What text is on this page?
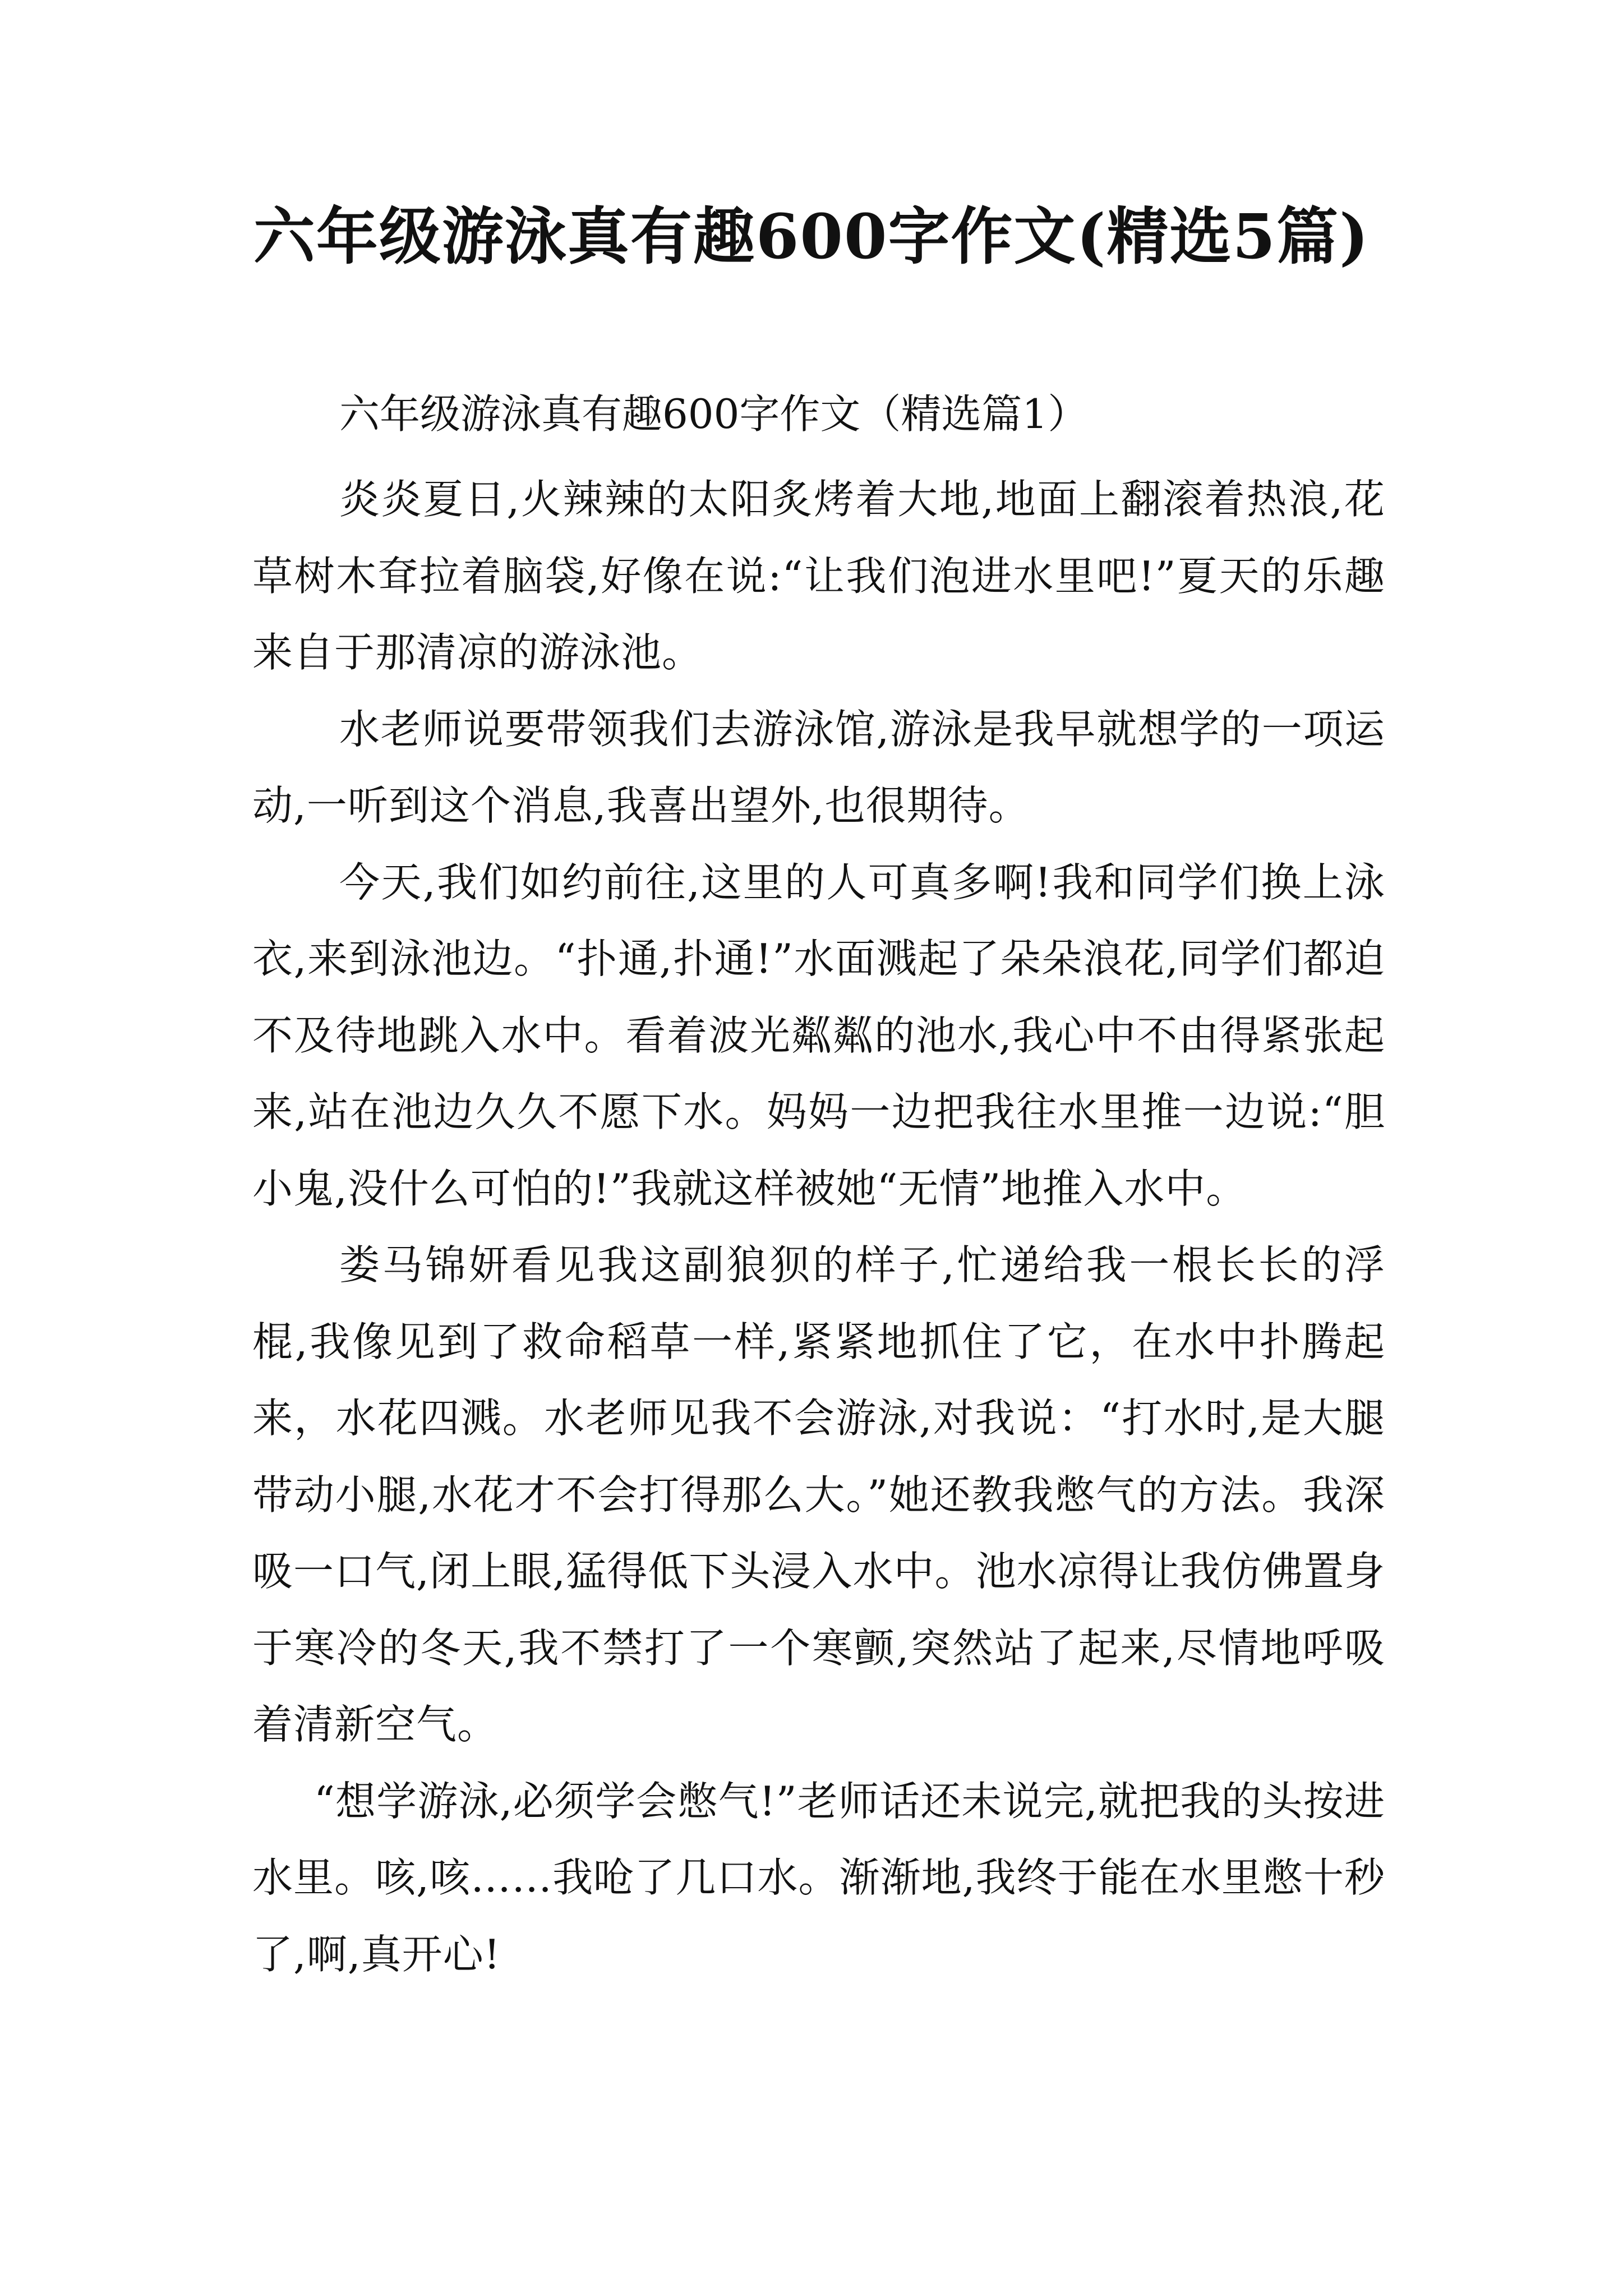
六年级游泳真有趣600字作文(精选5篇)
六年级游泳真有趣600字作文（精选篇1）

炎炎夏日,火辣辣的太阳炙烤着大地,地面上翻滚着热浪,花草树木耷拉着脑袋,好像在说:“让我们泡进水里吧!”夏天的乐趣来自于那清凉的游泳池。

水老师说要带领我们去游泳馆,游泳是我早就想学的一项运动,一听到这个消息,我喜出望外,也很期待。

今天,我们如约前往,这里的人可真多啊!我和同学们换上泳衣,来到泳池边。“扑通,扑通!”水面溅起了朵朵浪花,同学们都迫不及待地跳入水中。看着波光粼粼的池水,我心中不由得紧张起来,站在池边久久不愿下水。妈妈一边把我往水里推一边说:“胆小鬼,没什么可怕的!”我就这样被她“无情”地推入水中。

娄马锦妍看见我这副狼狈的样子,忙递给我一根长长的浮棍,我像见到了救命稻草一样,紧紧地抓住了它，在水中扑腾起来，水花四溅。水老师见我不会游泳,对我说：“打水时,是大腿带动小腿,水花才不会打得那么大。”她还教我憋气的方法。我深吸一口气,闭上眼,猛得低下头浸入水中。池水凉得让我仿佛置身于寒冷的冬天,我不禁打了一个寒颤,突然站了起来,尽情地呼吸着清新空气。

“想学游泳,必须学会憋气!”老师话还未说完,就把我的头按进水里。咳,咳……我呛了几口水。渐渐地,我终于能在水里憋十秒了,啊,真开心!
